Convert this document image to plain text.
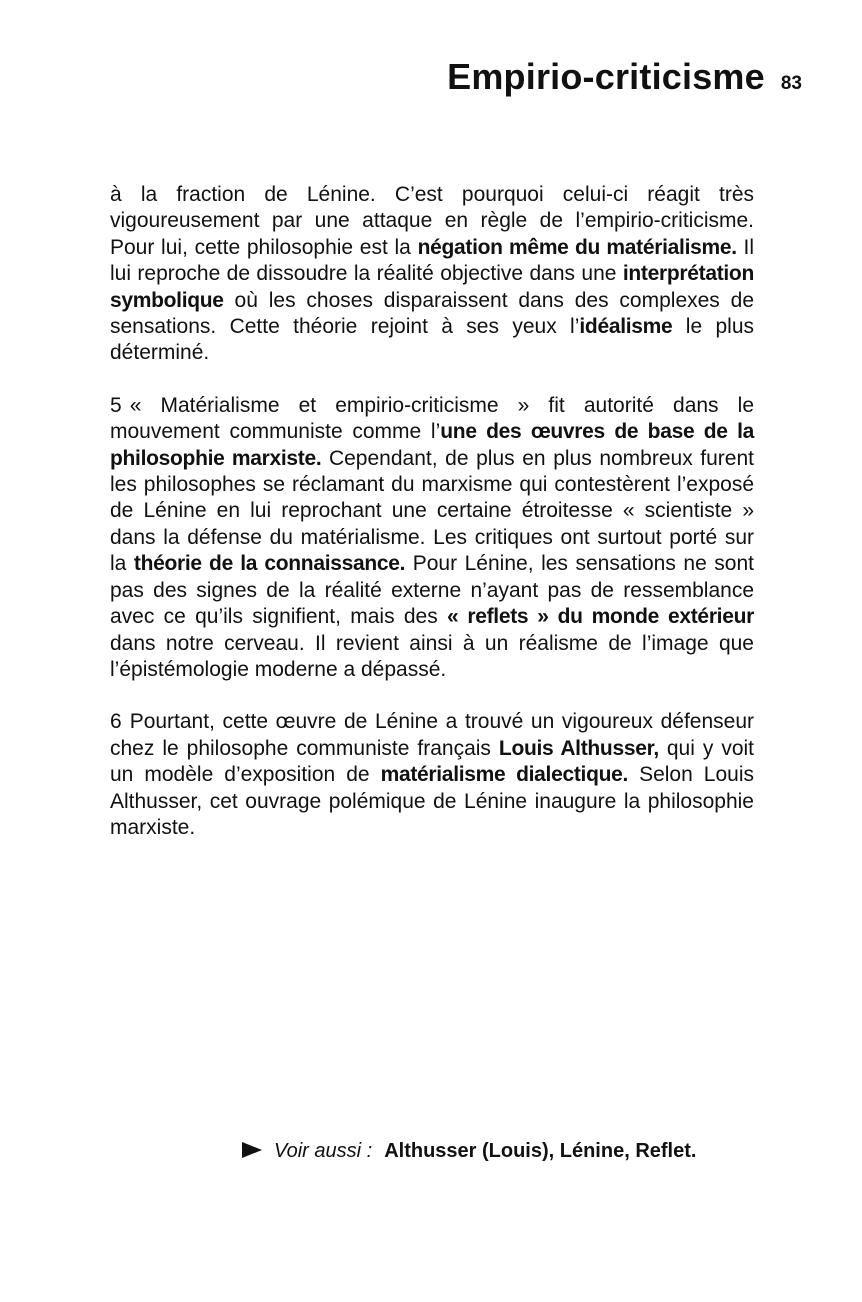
Empirio-criticisme 83

à la fraction de Lénine. C’est pourquoi celui-ci réagit très vigoureusement par une attaque en règle de l’empirio-criticisme. Pour lui, cette philosophie est la négation même du matérialisme. Il lui reproche de dissoudre la réalité objective dans une interprétation symbolique où les choses disparaissent dans des complexes de sensations. Cette théorie rejoint à ses yeux l’idéalisme le plus déterminé.

5 « Matérialisme et empirio-criticisme » fit autorité dans le mouvement communiste comme l’une des œuvres de base de la philosophie marxiste. Cependant, de plus en plus nombreux furent les philosophes se réclamant du marxisme qui contestèrent l’exposé de Lénine en lui reprochant une certaine étroitesse « scientiste » dans la défense du matérialisme. Les critiques ont surtout porté sur la théorie de la connaissance. Pour Lénine, les sensations ne sont pas des signes de la réalité externe n’ayant pas de ressemblance avec ce qu’ils signifient, mais des « reflets » du monde extérieur dans notre cerveau. Il revient ainsi à un réalisme de l’image que l’épistémologie moderne a dépassé.

6 Pourtant, cette œuvre de Lénine a trouvé un vigoureux défenseur chez le philosophe communiste français Louis Althusser, qui y voit un modèle d’exposition de matérialisme dialectique. Selon Louis Althusser, cet ouvrage polémique de Lénine inaugure la philosophie marxiste.

Voir aussi : Althusser (Louis), Lénine, Reflet.
